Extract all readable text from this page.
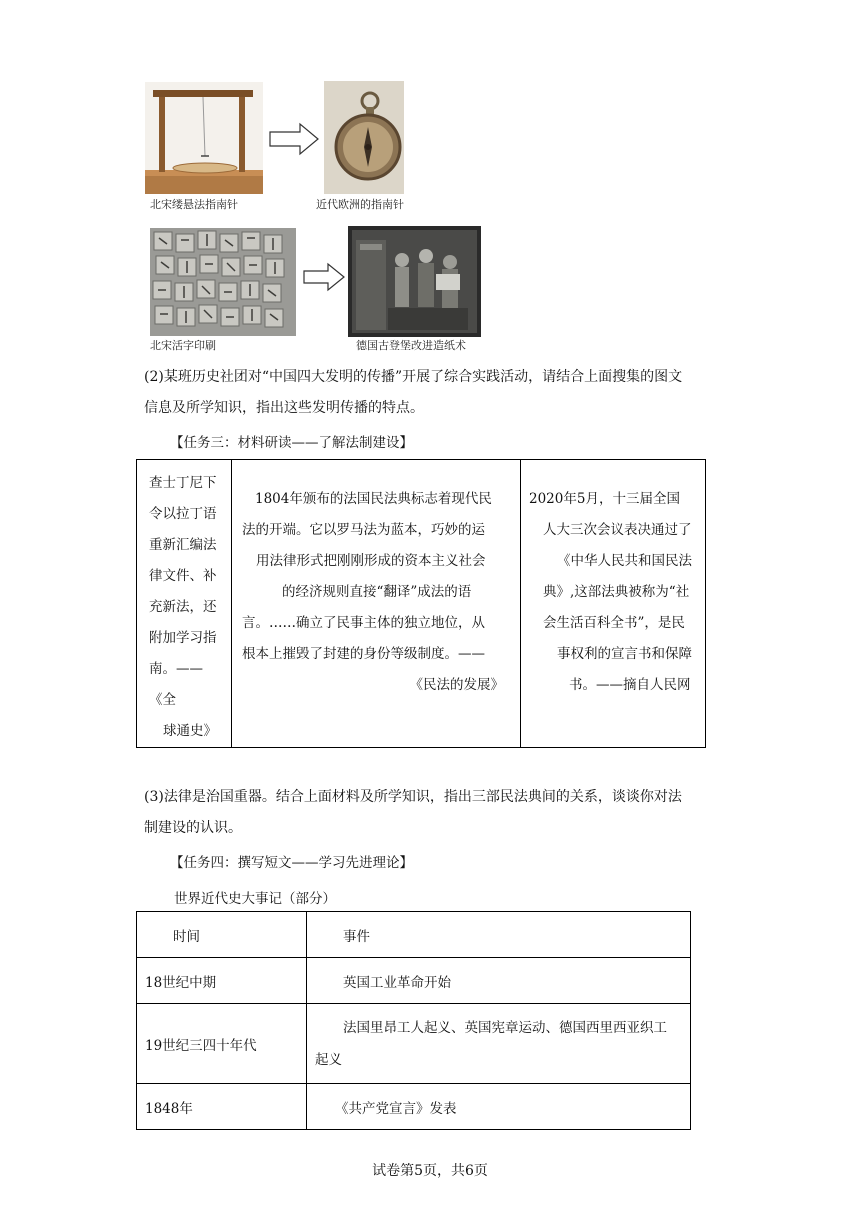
北宋缕悬法指南针	近代欧洲的指南针
北宋活字印刷	德国古登堡改进造纸术
(2)某班历史社团对“中国四大发明的传播”开展了综合实践活动，请结合上面搜集的图文
信息及所学知识，指出这些发明传播的特点。
【任务三：材料研读——了解法制建设】
查士丁尼下
令以拉丁语
重新汇编法
律文件、补
充新法，还
附加学习指
南。——《全
球通史》

1804年颁布的法国民法典标志着现代民
法的开端。它以罗马法为蓝本，巧妙的运
用法律形式把刚刚形成的资本主义社会
的经济规则直接“翻译”成法的语
言。……确立了民事主体的独立地位，从
根本上摧毁了封建的身份等级制度。——
《民法的发展》

2020年5月，十三届全国
人大三次会议表决通过了
《中华人民共和国民法
典》,这部法典被称为“社
会生活百科全书”，是民
事权利的宣言书和保障
书。——摘自人民网
(3)法律是治国重器。结合上面材料及所学知识，指出三部民法典间的关系，谈谈你对法
制建设的认识。
【任务四：撰写短文——学习先进理论】
世界近代史大事记（部分）
时间	事件
18世纪中期	英国工业革命开始
19世纪三四十年代	法国里昂工人起义、英国宪章运动、德国西里西亚织工
起义

1848年	《共产党宣言》发表
试卷第5页，共6页
